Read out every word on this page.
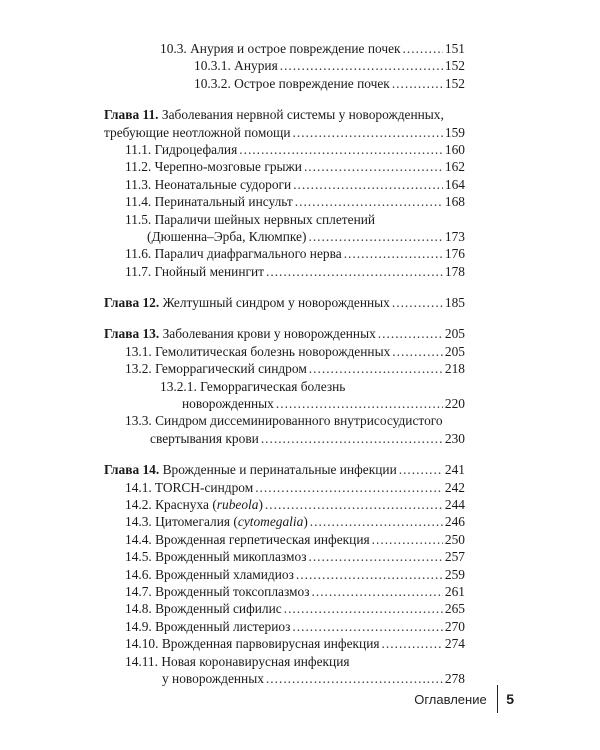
10.3. Анурия и острое повреждение почек .....	151
10.3.1. Анурия .....	152
10.3.2. Острое повреждение почек .....	152
Глава 11. Заболевания нервной системы у новорожденных,
требующие неотложной помощи .....	159
11.1. Гидроцефалия .....	160
11.2. Черепно-мозговые грыжи .....	162
11.3. Неонатальные судороги .....	164
11.4. Перинатальный инсульт .....	168
11.5. Параличи шейных нервных сплетений
(Дюшенна–Эрба, Клюмпке) .....	173
11.6. Паралич диафрагмального нерва .....	176
11.7. Гнойный менингит .....	178
Глава 12. Желтушный синдром у новорожденных .....	185
Глава 13. Заболевания крови у новорожденных .....	205
13.1. Гемолитическая болезнь новорожденных .....	205
13.2. Геморрагический синдром .....	218
13.2.1. Геморрагическая болезнь
новорожденных .....	220
13.3. Синдром диссеминированного внутрисосудистого
свертывания крови .....	230
Глава 14. Врожденные и перинатальные инфекции .....	241
14.1. TORCH-синдром .....	242
14.2. Краснуха (rubeola) .....	244
14.3. Цитомегалия (cytomegalia) .....	246
14.4. Врожденная герпетическая инфекция .....	250
14.5. Врожденный микоплазмоз .....	257
14.6. Врожденный хламидиоз .....	259
14.7. Врожденный токсоплазмоз .....	261
14.8. Врожденный сифилис .....	265
14.9. Врожденный листериоз .....	270
14.10. Врожденная парвовирусная инфекция .....	274
14.11. Новая коронавирусная инфекция
у новорожденных .....	278
Оглавление	5
